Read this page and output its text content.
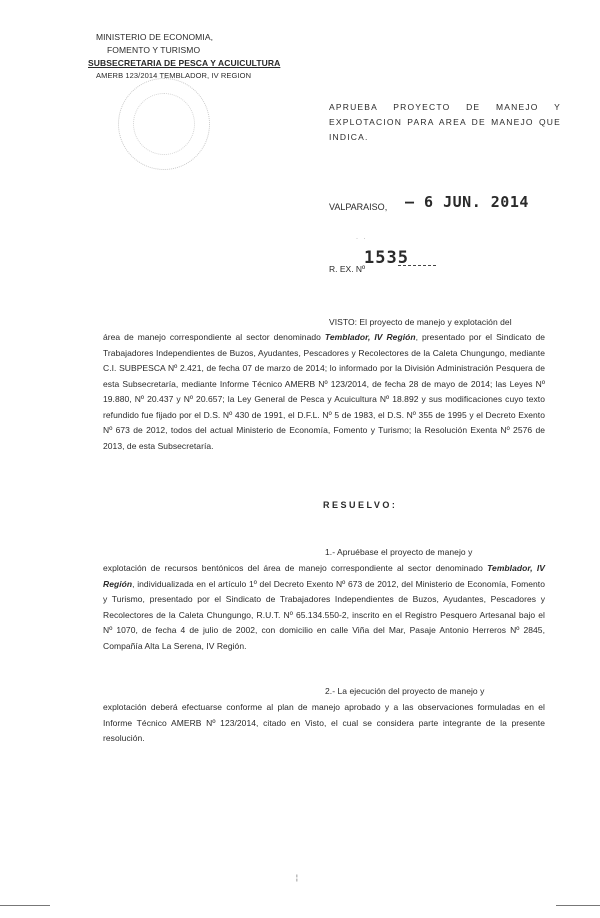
MINISTERIO DE ECONOMIA,
FOMENTO Y TURISMO
SUBSECRETARIA DE PESCA Y ACUICULTURA
AMERB 123/2014 TEMBLADOR, IV REGION
APRUEBA PROYECTO DE MANEJO Y EXPLOTACION PARA AREA DE MANEJO QUE INDICA.
VALPARAISO, – 6 JUN. 2014
· ·
R. EX. Nº
1535
VISTO: El proyecto de manejo y explotación del
área de manejo correspondiente al sector denominado Temblador, IV Región, presentado por el Sindicato de Trabajadores Independientes de Buzos, Ayudantes, Pescadores y Recolectores de la Caleta Chungungo, mediante C.I. SUBPESCA Nº 2.421, de fecha 07 de marzo de 2014; lo informado por la División Administración Pesquera de esta Subsecretaría, mediante Informe Técnico AMERB Nº 123/2014, de fecha 28 de mayo de 2014; las Leyes Nº 19.880, Nº 20.437 y Nº 20.657; la Ley General de Pesca y Acuicultura Nº 18.892 y sus modificaciones cuyo texto refundido fue fijado por el D.S. Nº 430 de 1991, el D.F.L. Nº 5 de 1983, el D.S. Nº 355 de 1995 y el Decreto Exento Nº 673 de 2012, todos del actual Ministerio de Economía, Fomento y Turismo; la Resolución Exenta Nº 2576 de 2013, de esta Subsecretaría.
RESUELVO:
1.- Apruébase el proyecto de manejo y
explotación de recursos bentónicos del área de manejo correspondiente al sector denominado Temblador, IV Región, individualizada en el artículo 1º del Decreto Exento Nº 673 de 2012, del Ministerio de Economía, Fomento y Turismo, presentado por el Sindicato de Trabajadores Independientes de Buzos, Ayudantes, Pescadores y Recolectores de la Caleta Chungungo, R.U.T. Nº 65.134.550-2, inscrito en el Registro Pesquero Artesanal bajo el Nº 1070, de fecha 4 de julio de 2002, con domicilio en calle Viña del Mar, Pasaje Antonio Herreros Nº 2845, Compañía Alta La Serena, IV Región.
2.- La ejecución del proyecto de manejo y
explotación deberá efectuarse conforme al plan de manejo aprobado y a las observaciones formuladas en el Informe Técnico AMERB Nº 123/2014, citado en Visto, el cual se considera parte integrante de la presente resolución.
¦
